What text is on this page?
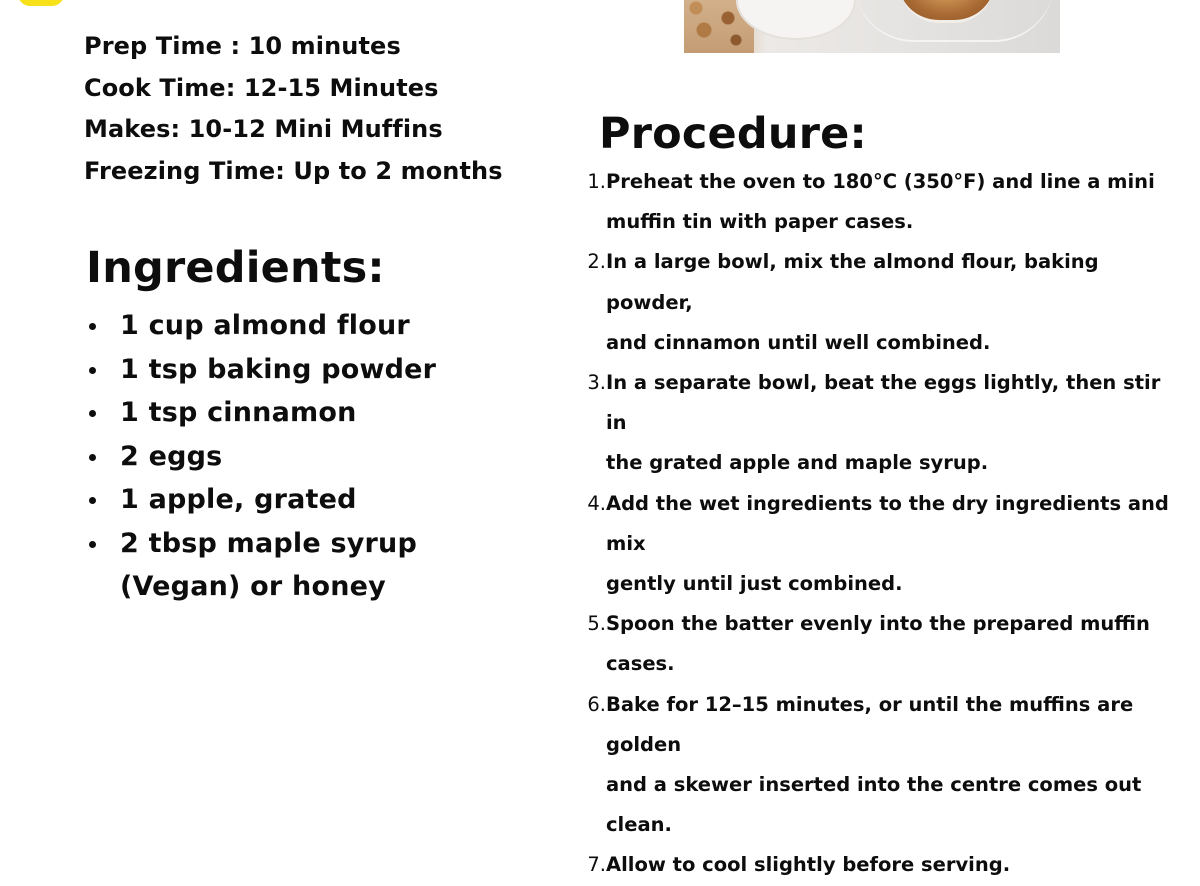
Prep Time : 10 minutes
Cook Time: 12-15 Minutes
Makes: 10-12 Mini Muffins
Freezing Time: Up to 2 months
Ingredients:
1 cup almond flour
1 tsp baking powder
1 tsp cinnamon
2 eggs
1 apple, grated
2 tbsp maple syrup
(Vegan) or honey
Procedure:
1. Preheat the oven to 180°C (350°F) and line a mini
muffin tin with paper cases.
2. In a large bowl, mix the almond flour, baking powder,
and cinnamon until well combined.
3. In a separate bowl, beat the eggs lightly, then stir in
the grated apple and maple syrup.
4. Add the wet ingredients to the dry ingredients and mix
gently until just combined.
5. Spoon the batter evenly into the prepared muffin
cases.
6. Bake for 12–15 minutes, or until the muffins are golden
and a skewer inserted into the centre comes out
clean.
7. Allow to cool slightly before serving.
